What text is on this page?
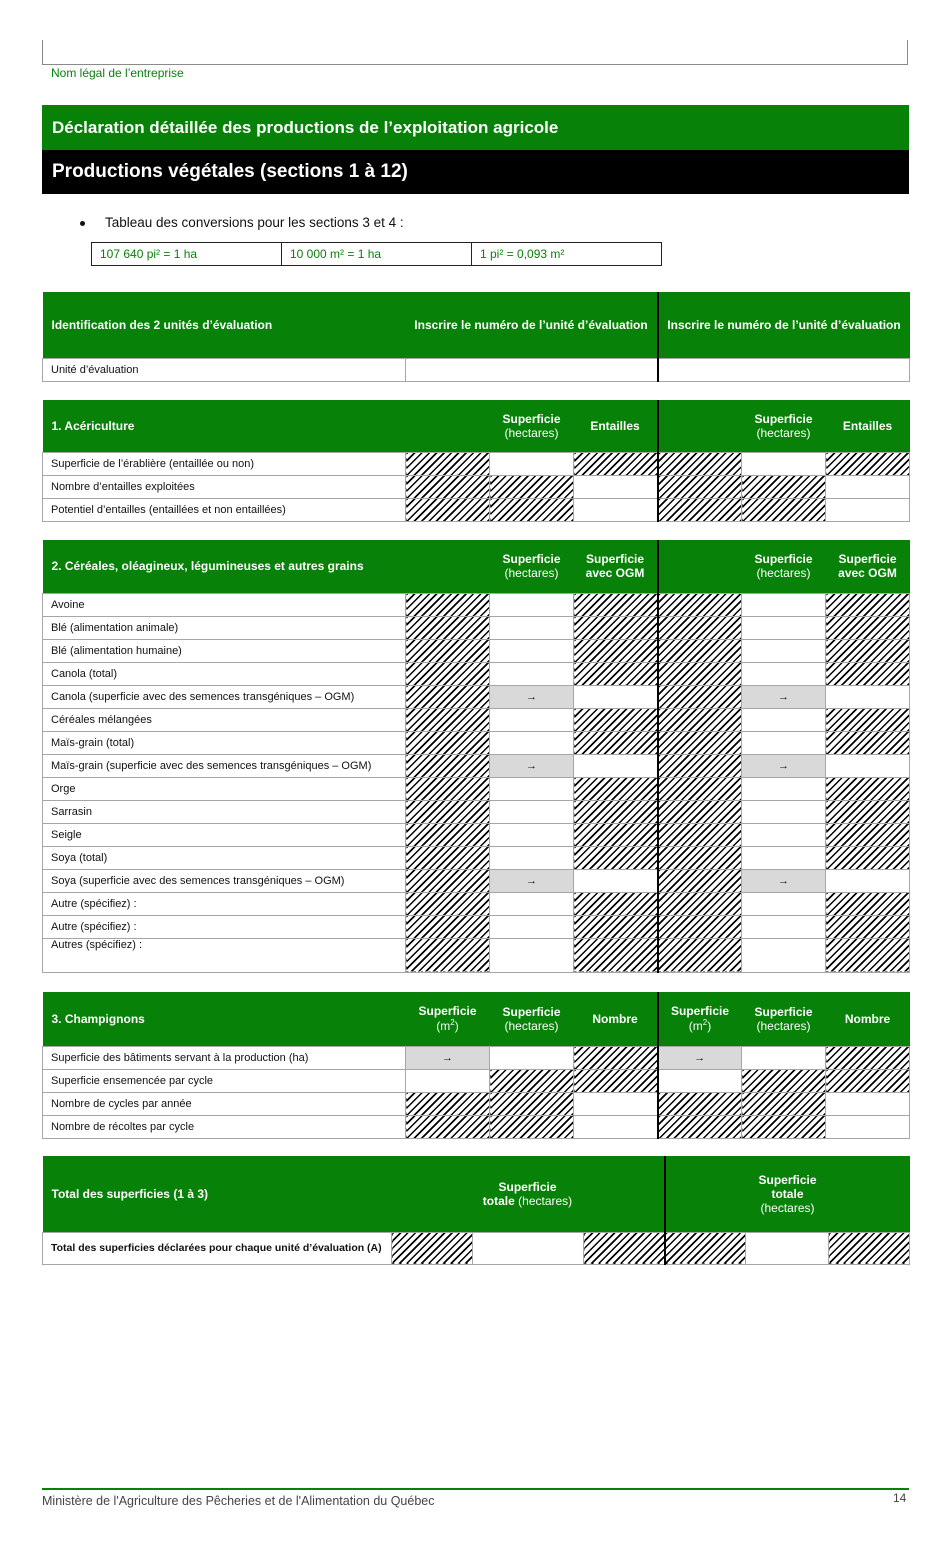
Nom légal de l’entreprise
Déclaration détaillée des productions de l’exploitation agricole
Productions végétales (sections 1 à 12)
Tableau des conversions pour les sections 3 et 4 :
107 640 pi² = 1 ha	10 000 m² = 1 ha	1 pi² = 0,093 m²
Identification des 2 unités d’évaluation	Inscrire le numéro de l’unité d’évaluation	Inscrire le numéro de l’unité d’évaluation
Unité d’évaluation		
1. Acériculture		Superficie
(hectares)	Entailles		Superficie
(hectares)	Entailles
Superficie de l’érablière (entaillée ou non)						
Nombre d’entailles exploitées						
Potentiel d’entailles (entaillées et non entaillées)						
2. Céréales, oléagineux, légumineuses et autres grains		Superficie
(hectares)	Superficie
avec OGM		Superficie
(hectares)	Superficie
avec OGM
Avoine						
Blé (alimentation animale)						
Blé (alimentation humaine)						
Canola (total)						
Canola (superficie avec des semences transgéniques – OGM)		→			→	
Céréales mélangées						
Maïs-grain (total)						
Maïs-grain (superficie avec des semences transgéniques – OGM)		→			→	
Orge						
Sarrasin						
Seigle						
Soya (total)						
Soya (superficie avec des semences transgéniques – OGM)		→			→	
Autre (spécifiez) :						
Autre (spécifiez) :						
Autres (spécifiez) :						
3. Champignons	Superficie
$(m^2)$	Superficie
(hectares)	Nombre	Superficie
$(m^2)$	Superficie
(hectares)	Nombre
Superficie des bâtiments servant à la production (ha)	→			→		
Superficie ensemencée par cycle						
Nombre de cycles par année						
Nombre de récoltes par cycle						
Total des superficies (1 à 3)	Superficie
totale (hectares)			Superficie
totale
(hectares)		
Total des superficies déclarées pour chaque unité d’évaluation (A)						
Ministère de l'Agriculture des Pêcheries et de l'Alimentation du Québec	14
